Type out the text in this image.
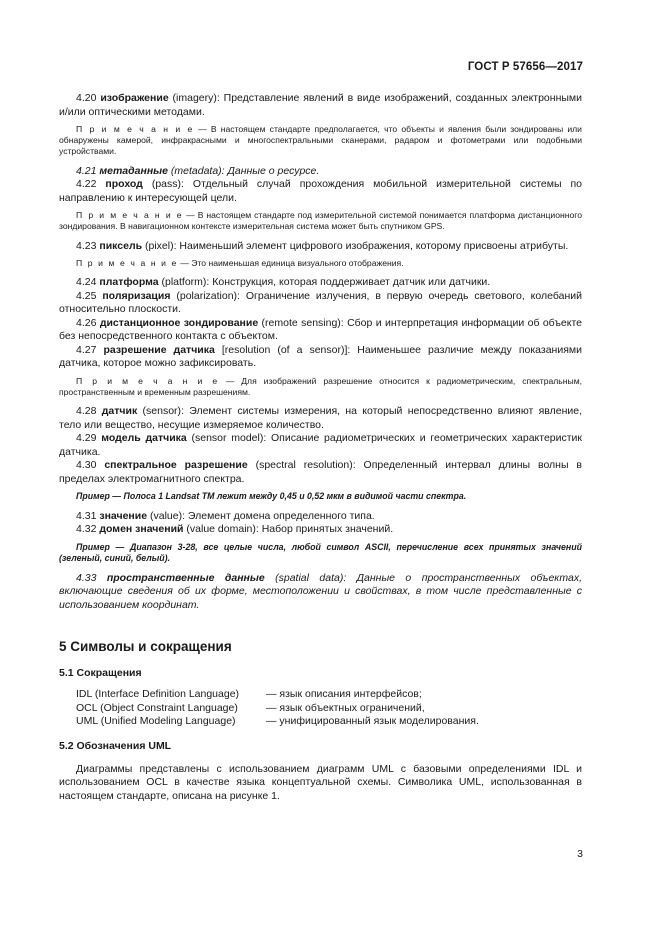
ГОСТ Р 57656—2017

4.20 изображение (imagery): Представление явлений в виде изображений, созданных электронными и/или оптическими методами.

П р и м е ч а н и е — В настоящем стандарте предполагается, что объекты и явления были зондированы или обнаружены камерой, инфракрасными и многоспектральными сканерами, радаром и фотометрами или подобными устройствами.

4.21 метаданные (metadata): Данные о ресурсе.

4.22 проход (pass): Отдельный случай прохождения мобильной измерительной системы по направлению к интересующей цели.

П р и м е ч а н и е — В настоящем стандарте под измерительной системой понимается платформа дистанционного зондирования. В навигационном контексте измерительная система может быть спутником GPS.

4.23 пиксель (pixel): Наименьший элемент цифрового изображения, которому присвоены атрибуты.

П р и м е ч а н и е — Это наименьшая единица визуального отображения.

4.24 платформа (platform): Конструкция, которая поддерживает датчик или датчики.

4.25 поляризация (polarization): Ограничение излучения, в первую очередь светового, колебаний относительно плоскости.

4.26 дистанционное зондирование (remote sensing): Сбор и интерпретация информации об объекте без непосредственного контакта с объектом.

4.27 разрешение датчика [resolution (of a sensor)]: Наименьшее различие между показаниями датчика, которое можно зафиксировать.

П р и м е ч а н и е — Для изображений разрешение относится к радиометрическим, спектральным, пространственным и временным разрешениям.

4.28 датчик (sensor): Элемент системы измерения, на который непосредственно влияют явление, тело или вещество, несущие измеряемое количество.

4.29 модель датчика (sensor model): Описание радиометрических и геометрических характеристик датчика.

4.30 спектральное разрешение (spectral resolution): Определенный интервал длины волны в пределах электромагнитного спектра.

Пример — Полоса 1 Landsat TM лежит между 0,45 и 0,52 мкм в видимой части спектра.

4.31 значение (value): Элемент домена определенного типа.

4.32 домен значений (value domain): Набор принятых значений.

Пример — Диапазон 3-28, все целые числа, любой символ ASCII, перечисление всех принятых значений (зеленый, синий, белый).

4.33 пространственные данные (spatial data): Данные о пространственных объектах, включающие сведения об их форме, местоположении и свойствах, в том числе представленные с использованием координат.

5 Символы и сокращения
5.1 Сокращения
IDL (Interface Definition Language)	— язык описания интерфейсов;
OCL (Object Constraint Language)	— язык объектных ограничений,
UML (Unified Modeling Language)	— унифицированный язык моделирования.
5.2 Обозначения UML

Диаграммы представлены с использованием диаграмм UML с базовыми определениями IDL и использованием OCL в качестве языка концептуальной схемы. Символика UML, использованная в настоящем стандарте, описана на рисунке 1.

3
